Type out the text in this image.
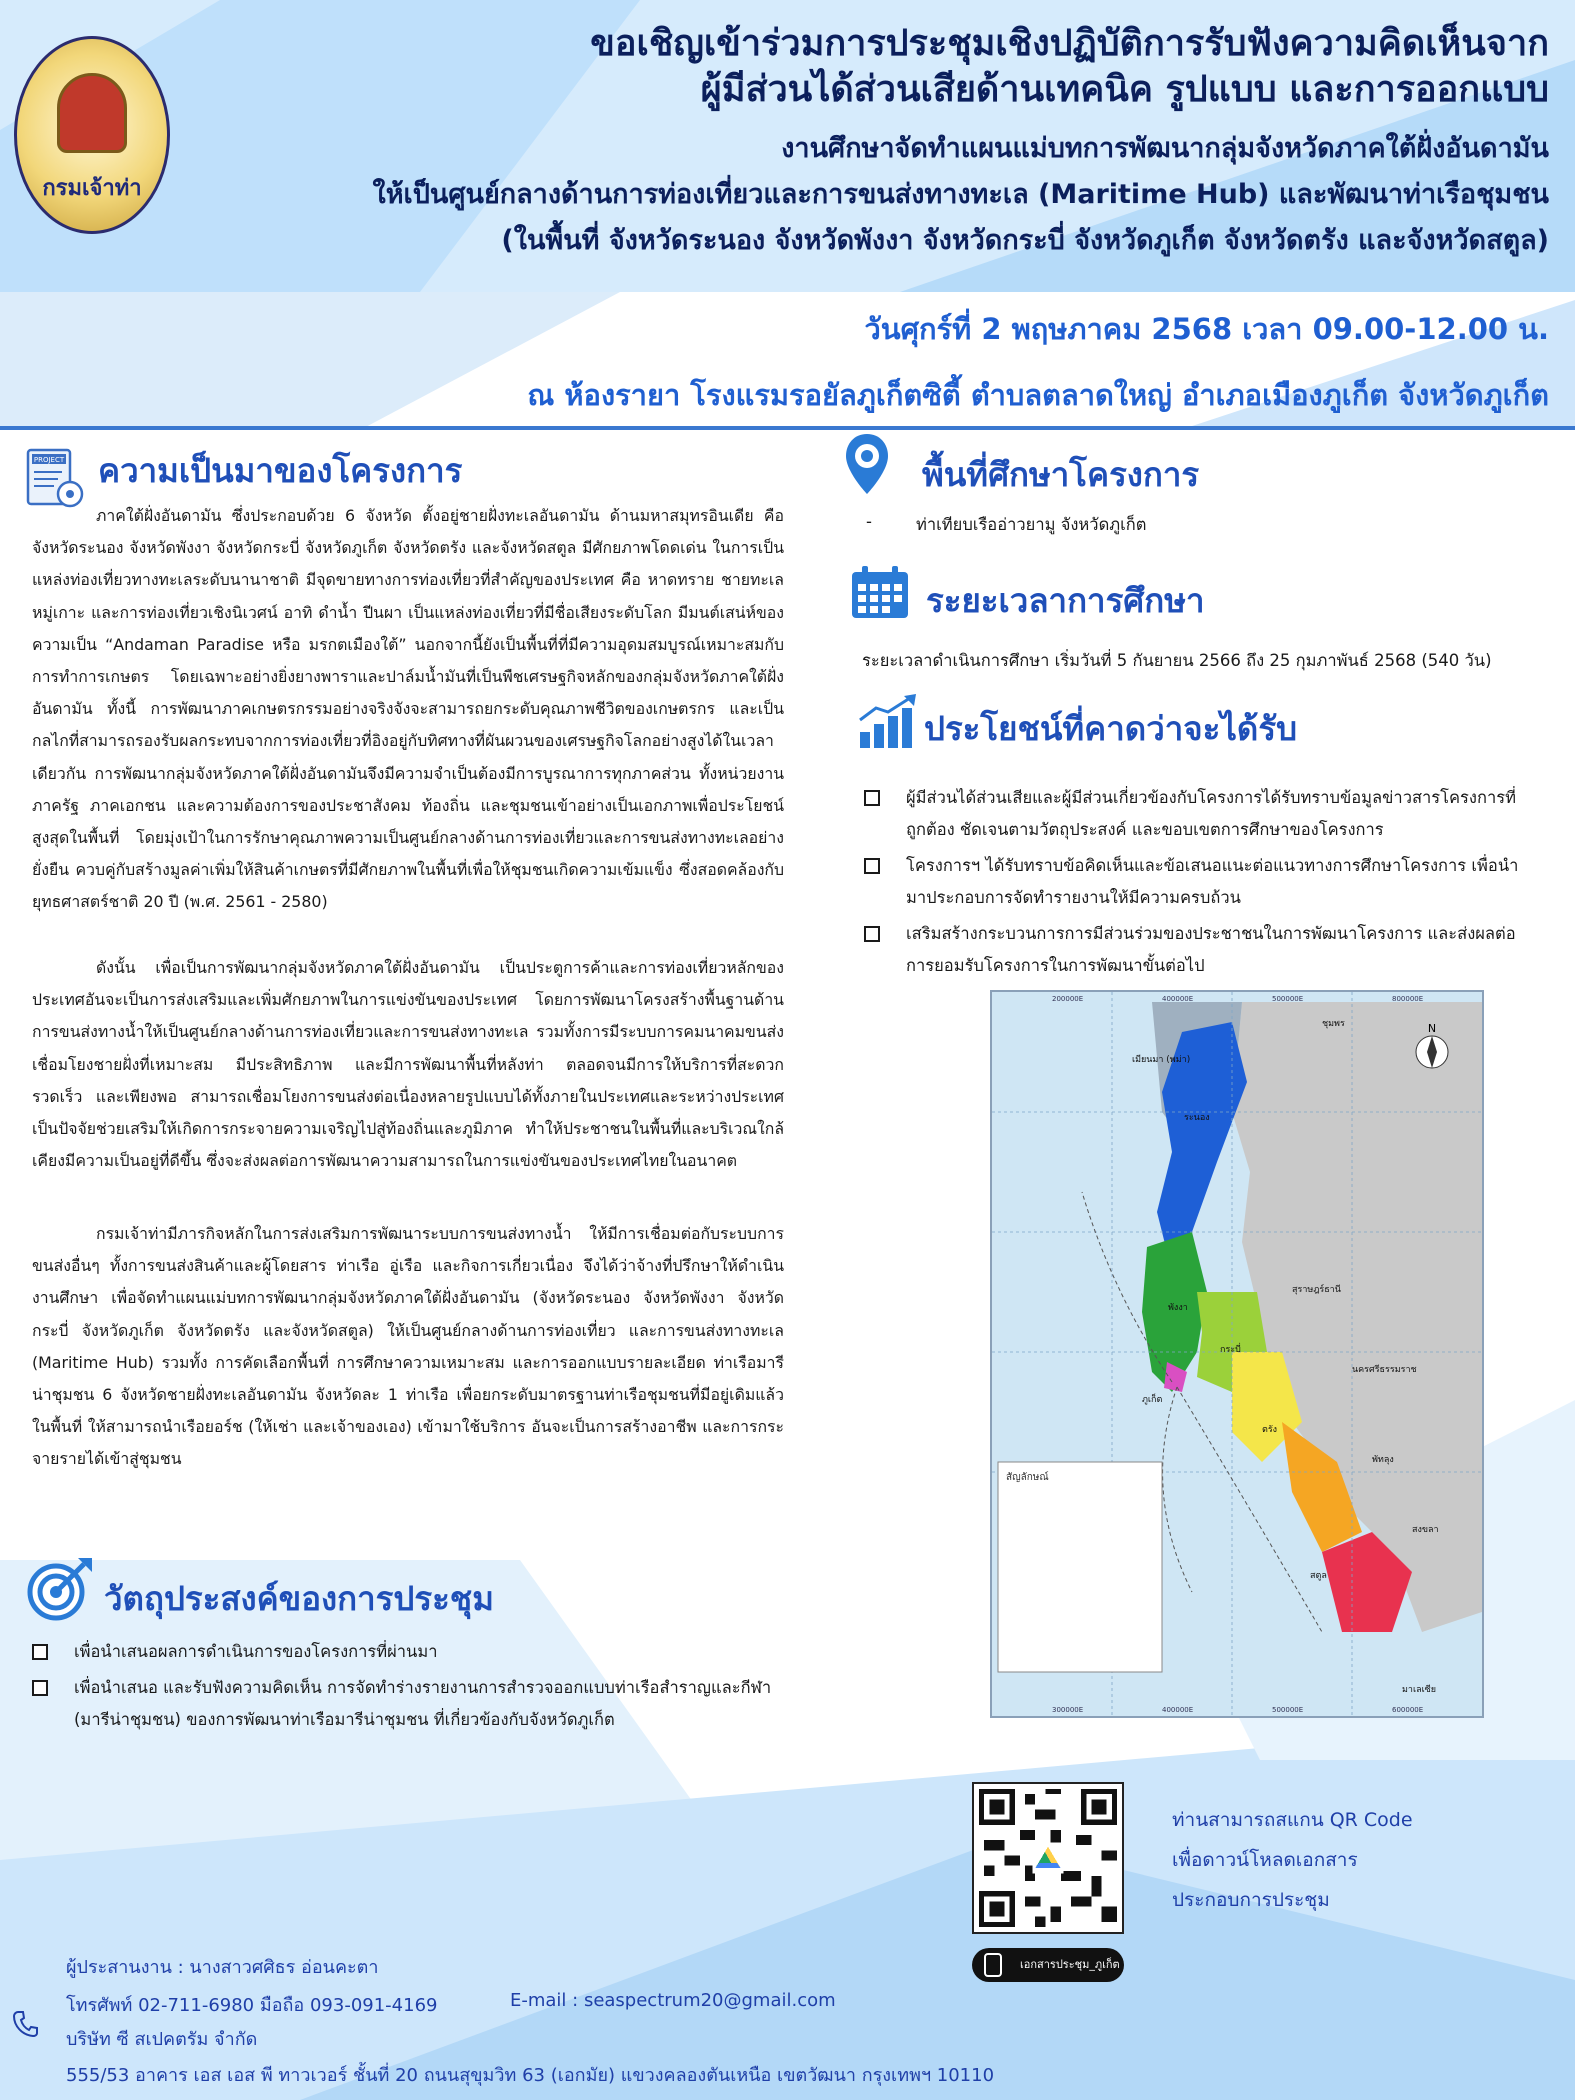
กรมเจ้าท่า
ขอเชิญเข้าร่วมการประชุมเชิงปฏิบัติการรับฟังความคิดเห็นจาก
ผู้มีส่วนได้ส่วนเสียด้านเทคนิค รูปแบบ และการออกแบบ
งานศึกษาจัดทำแผนแม่บทการพัฒนากลุ่มจังหวัดภาคใต้ฝั่งอันดามัน
ให้เป็นศูนย์กลางด้านการท่องเที่ยวและการขนส่งทางทะเล (Maritime Hub) และพัฒนาท่าเรือชุมชน
(ในพื้นที่ จังหวัดระนอง จังหวัดพังงา จังหวัดกระบี่ จังหวัดภูเก็ต จังหวัดตรัง และจังหวัดสตูล)
วันศุกร์ที่ 2 พฤษภาคม 2568 เวลา 09.00-12.00 น.
ณ ห้องรายา โรงแรมรอยัลภูเก็ตซิตี้ ตำบลตลาดใหญ่ อำเภอเมืองภูเก็ต จังหวัดภูเก็ต
PROJECT ความเป็นมาของโครงการ

ภาคใต้ฝั่งอันดามัน ซึ่งประกอบด้วย 6 จังหวัด ตั้งอยู่ชายฝั่งทะเลอันดามัน ด้านมหาสมุทรอินเดีย คือ จังหวัดระนอง จังหวัดพังงา จังหวัดกระบี่ จังหวัดภูเก็ต จังหวัดตรัง และจังหวัดสตูล มีศักยภาพโดดเด่น ในการเป็นแหล่งท่องเที่ยวทางทะเลระดับนานาชาติ มีจุดขายทางการท่องเที่ยวที่สำคัญของประเทศ คือ หาดทราย ชายทะเล หมู่เกาะ และการท่องเที่ยวเชิงนิเวศน์ อาทิ ดำน้ำ ปีนผา เป็นแหล่งท่องเที่ยวที่มีชื่อเสียงระดับโลก มีมนต์เสน่ห์ของความเป็น “Andaman Paradise หรือ มรกตเมืองใต้” นอกจากนี้ยังเป็นพื้นที่ที่มีความอุดมสมบูรณ์เหมาะสมกับการทำการเกษตร โดยเฉพาะอย่างยิ่งยางพาราและปาล์มน้ำมันที่เป็นพืชเศรษฐกิจหลักของกลุ่มจังหวัดภาคใต้ฝั่งอันดามัน ทั้งนี้ การพัฒนาภาคเกษตรกรรมอย่างจริงจังจะสามารถยกระดับคุณภาพชีวิตของเกษตรกร และเป็นกลไกที่สามารถรองรับผลกระทบจากการท่องเที่ยวที่อิงอยู่กับทิศทางที่ผันผวนของเศรษฐกิจโลกอย่างสูงได้ในเวลาเดียวกัน การพัฒนากลุ่มจังหวัดภาคใต้ฝั่งอันดามันจึงมีความจำเป็นต้องมีการบูรณาการทุกภาคส่วน ทั้งหน่วยงานภาครัฐ ภาคเอกชน และความต้องการของประชาสังคม ท้องถิ่น และชุมชนเข้าอย่างเป็นเอกภาพเพื่อประโยชน์สูงสุดในพื้นที่ โดยมุ่งเป้าในการรักษาคุณภาพความเป็นศูนย์กลางด้านการท่องเที่ยวและการขนส่งทางทะเลอย่างยั่งยืน ควบคู่กับสร้างมูลค่าเพิ่มให้สินค้าเกษตรที่มีศักยภาพในพื้นที่เพื่อให้ชุมชนเกิดความเข้มแข็ง ซึ่งสอดคล้องกับยุทธศาสตร์ชาติ 20 ปี (พ.ศ. 2561 - 2580)

ดังนั้น เพื่อเป็นการพัฒนากลุ่มจังหวัดภาคใต้ฝั่งอันดามัน เป็นประตูการค้าและการท่องเที่ยวหลักของประเทศอันจะเป็นการส่งเสริมและเพิ่มศักยภาพในการแข่งขันของประเทศ โดยการพัฒนาโครงสร้างพื้นฐานด้านการขนส่งทางน้ำให้เป็นศูนย์กลางด้านการท่องเที่ยวและการขนส่งทางทะเล รวมทั้งการมีระบบการคมนาคมขนส่งเชื่อมโยงชายฝั่งที่เหมาะสม มีประสิทธิภาพ และมีการพัฒนาพื้นที่หลังท่า ตลอดจนมีการให้บริการที่สะดวก รวดเร็ว และเพียงพอ สามารถเชื่อมโยงการขนส่งต่อเนื่องหลายรูปแบบได้ทั้งภายในประเทศและระหว่างประเทศ เป็นปัจจัยช่วยเสริมให้เกิดการกระจายความเจริญไปสู่ท้องถิ่นและภูมิภาค ทำให้ประชาชนในพื้นที่และบริเวณใกล้เคียงมีความเป็นอยู่ที่ดีขึ้น ซึ่งจะส่งผลต่อการพัฒนาความสามารถในการแข่งขันของประเทศไทยในอนาคต

กรมเจ้าท่ามีภารกิจหลักในการส่งเสริมการพัฒนาระบบการขนส่งทางน้ำ ให้มีการเชื่อมต่อกับระบบการขนส่งอื่นๆ ทั้งการขนส่งสินค้าและผู้โดยสาร ท่าเรือ อู่เรือ และกิจการเกี่ยวเนื่อง จึงได้ว่าจ้างที่ปรึกษาให้ดำเนินงานศึกษา เพื่อจัดทำแผนแม่บทการพัฒนากลุ่มจังหวัดภาคใต้ฝั่งอันดามัน (จังหวัดระนอง จังหวัดพังงา จังหวัดกระบี่ จังหวัดภูเก็ต จังหวัดตรัง และจังหวัดสตูล) ให้เป็นศูนย์กลางด้านการท่องเที่ยว และการขนส่งทางทะเล (Maritime Hub) รวมทั้ง การคัดเลือกพื้นที่ การศึกษาความเหมาะสม และการออกแบบรายละเอียด ท่าเรือมารีน่าชุมชน 6 จังหวัดชายฝั่งทะเลอันดามัน จังหวัดละ 1 ท่าเรือ เพื่อยกระดับมาตรฐานท่าเรือชุมชนที่มีอยู่เดิมแล้วในพื้นที่ ให้สามารถนำเรือยอร์ช (ให้เช่า และเจ้าของเอง) เข้ามาใช้บริการ อันจะเป็นการสร้างอาชีพ และการกระจายรายได้เข้าสู่ชุมชน

วัตถุประสงค์ของการประชุม
เพื่อนำเสนอผลการดำเนินการของโครงการที่ผ่านมา
เพื่อนำเสนอ และรับฟังความคิดเห็น การจัดทำร่างรายงานการสำรวจออกแบบท่าเรือสำราญและกีฬา (มารีน่าชุมชน) ของการพัฒนาท่าเรือมารีน่าชุมชน ที่เกี่ยวข้องกับจังหวัดภูเก็ต
พื้นที่ศึกษาโครงการ
-	ท่าเทียบเรืออ่าวยามู จังหวัดภูเก็ต
ระยะเวลาการศึกษา
ระยะเวลาดำเนินการศึกษา เริ่มวันที่ 5 กันยายน 2566 ถึง 25 กุมภาพันธ์ 2568 (540 วัน)
ประโยชน์ที่คาดว่าจะได้รับ
ผู้มีส่วนได้ส่วนเสียและผู้มีส่วนเกี่ยวข้องกับโครงการได้รับทราบข้อมูลข่าวสารโครงการที่ถูกต้อง ชัดเจนตามวัตถุประสงค์ และขอบเขตการศึกษาของโครงการ
โครงการฯ ได้รับทราบข้อคิดเห็นและข้อเสนอแนะต่อแนวทางการศึกษาโครงการ เพื่อนำมาประกอบการจัดทำรายงานให้มีความครบถ้วน
เสริมสร้างกระบวนการการมีส่วนร่วมของประชาชนในการพัฒนาโครงการ และส่งผลต่อการยอมรับโครงการในการพัฒนาขั้นต่อไป
สัญลักษณ์
N
ชุมพร
เมียนมา (พม่า)
ระนอง
สุราษฎร์ธานี
พังงา
กระบี่
นครศรีธรรมราช
ภูเก็ต
ตรัง
พัทลุง
สตูล
สงขลา
มาเลเซีย
200000E	400000E	500000E	800000E
300000E	400000E	500000E	600000E
ท่านสามารถสแกน QR Code
เพื่อดาวน์โหลดเอกสาร
ประกอบการประชุม
เอกสารประชุม_ภูเก็ต
ผู้ประสานงาน : นางสาวศศิธร อ่อนคะตา
โทรศัพท์ 02-711-6980 มือถือ 093-091-4169	E-mail : seaspectrum20@gmail.com
บริษัท ซี สเปคตรัม จำกัด
555/53 อาคาร เอส เอส พี ทาวเวอร์ ชั้นที่ 20 ถนนสุขุมวิท 63 (เอกมัย) แขวงคลองตันเหนือ เขตวัฒนา กรุงเทพฯ 10110
